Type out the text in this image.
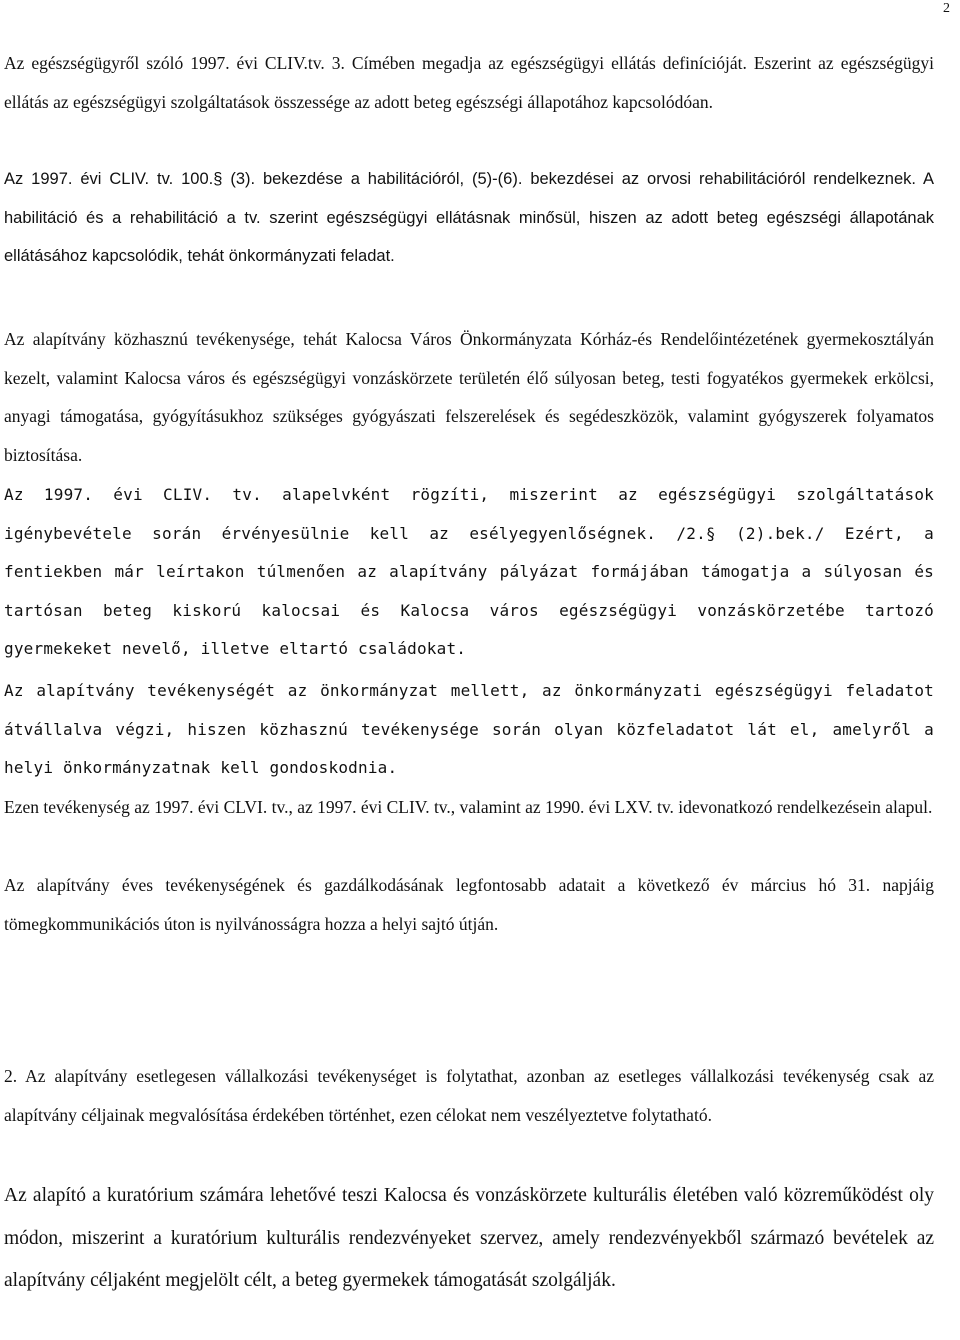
2

Az egészségügyről szóló 1997. évi CLIV.tv. 3. Címében megadja az egészségügyi ellátás definícióját. Eszerint az egészségügyi ellátás az egészségügyi szolgáltatások összessége az adott beteg egészségi állapotához kapcsolódóan.

Az 1997. évi CLIV. tv. 100.§ (3). bekezdése a habilitációról, (5)-(6). bekezdései az orvosi rehabilitációról rendelkeznek. A habilitáció és a rehabilitáció a tv. szerint egészségügyi ellátásnak minősül, hiszen az adott beteg egészségi állapotának ellátásához kapcsolódik, tehát önkormányzati feladat.

Az alapítvány közhasznú tevékenysége, tehát Kalocsa Város Önkormányzata Kórház-és Rendelőintézetének gyermekosztályán kezelt, valamint Kalocsa város és egészségügyi vonzáskörzete területén élő súlyosan beteg, testi fogyatékos gyermekek erkölcsi, anyagi támogatása, gyógyításukhoz szükséges gyógyászati felszerelések és segédeszközök, valamint gyógyszerek folyamatos biztosítása.

Az 1997. évi CLIV. tv. alapelvként rögzíti, miszerint az egészségügyi szolgáltatások igénybevétele során érvényesülnie kell az esélyegyenlőségnek. /2.§ (2).bek./ Ezért, a fentiekben már leírtakon túlmenően az alapítvány pályázat formájában támogatja a súlyosan és tartósan beteg kiskorú kalocsai és Kalocsa város egészségügyi vonzáskörzetébe tartozó gyermekeket nevelő, illetve eltartó családokat.

Az alapítvány tevékenységét az önkormányzat mellett, az önkormányzati egészségügyi feladatot átvállalva végzi, hiszen közhasznú tevékenysége során olyan közfeladatot lát el, amelyről a helyi önkormányzatnak kell gondoskodnia.

Ezen tevékenység az 1997. évi CLVI. tv., az 1997. évi CLIV. tv., valamint az 1990. évi LXV. tv. idevonatkozó rendelkezésein alapul.

Az alapítvány éves tevékenységének és gazdálkodásának legfontosabb adatait a következő év március hó 31. napjáig tömegkommunikációs úton is nyilvánosságra hozza a helyi sajtó útján.

2. Az alapítvány esetlegesen vállalkozási tevékenységet is folytathat, azonban az esetleges vállalkozási tevékenység csak az alapítvány céljainak megvalósítása érdekében történhet, ezen célokat nem veszélyeztetve folytatható.

Az alapító a kuratórium számára lehetővé teszi Kalocsa és vonzáskörzete kulturális életében való közreműködést oly módon, miszerint a kuratórium kulturális rendezvényeket szervez, amely rendezvényekből származó bevételek az alapítvány céljaként megjelölt célt, a beteg gyermekek támogatását szolgálják.
